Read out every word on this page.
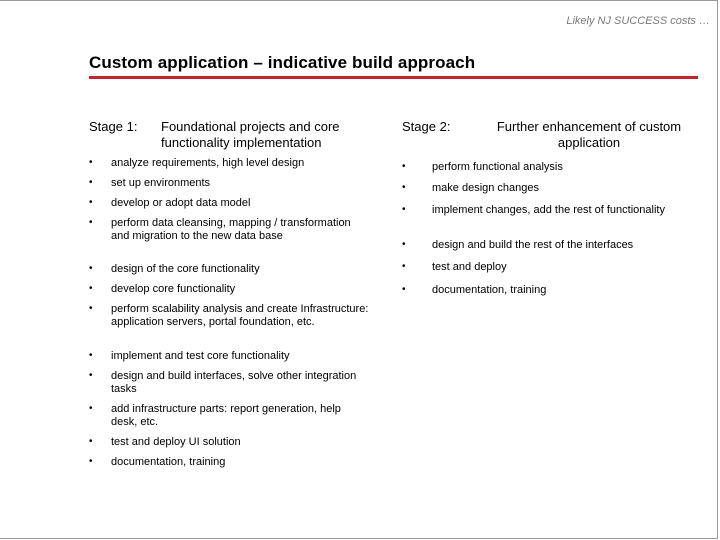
Likely NJ SUCCESS costs …
Custom application – indicative build approach
Stage 1: Foundational projects and core functionality implementation
•	analyze requirements, high level design
•	set up environments
•	develop or adopt data model
•	perform data cleansing, mapping / transformation and migration to the new data base
•	design of the core functionality
•	develop core functionality
•	perform scalability analysis and create Infrastructure: application servers, portal foundation, etc.
•	implement and test core functionality
•	design and build interfaces, solve other integration tasks
•	add infrastructure parts: report generation, help desk, etc.
•	test and deploy UI solution
•	documentation, training
Stage 2:	Further enhancement of custom application
•	perform functional analysis
•	make design changes
•	implement changes, add the rest of functionality
•	design and build the rest of the interfaces
•	test and deploy
•	documentation, training
